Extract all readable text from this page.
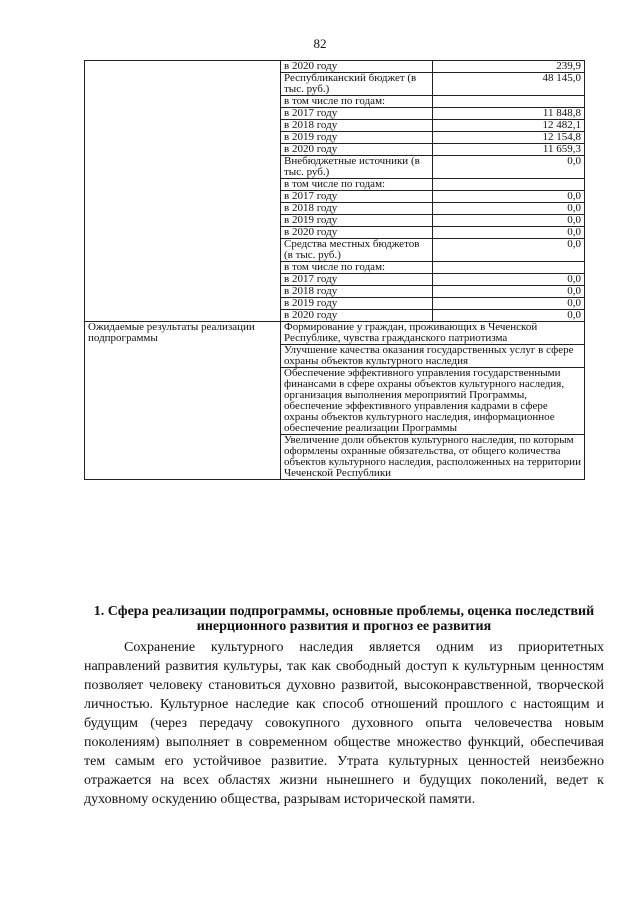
82
	в 2020 году	239,9
	Республиканский бюджет (в тыс. руб.)	48 145,0
	в том числе по годам:	
	в 2017 году	11 848,8
	в 2018 году	12 482,1
	в 2019 году	12 154,8
	в 2020 году	11 659,3
	Внебюджетные источники (в тыс. руб.)	0,0
	в том числе по годам:	
	в 2017 году	0,0
	в 2018 году	0,0
	в 2019 году	0,0
	в 2020 году	0,0
	Средства местных бюджетов (в тыс. руб.)	0,0
	в том числе по годам:	
	в 2017 году	0,0
	в 2018 году	0,0
	в 2019 году	0,0
	в 2020 году	0,0
Ожидаемые результаты реализации подпрограммы	Формирование у граждан, проживающих в Чеченской Республике, чувства гражданского патриотизма	
	Улучшение качества оказания государственных услуг в сфере охраны объектов культурного наследия	
	Обеспечение эффективного управления государственными финансами в сфере охраны объектов культурного наследия, организация выполнения мероприятий Программы, обеспечение эффективного управления кадрами в сфере охраны объектов культурного наследия, информационное обеспечение реализации Программы	
	Увеличение доли объектов культурного наследия, по которым оформлены охранные обязательства, от общего количества объектов культурного наследия, расположенных на территории Чеченской Республики	
1. Сфера реализации подпрограммы, основные проблемы, оценка последствий инерционного развития и прогноз ее развития

Сохранение культурного наследия является одним из приоритетных направлений развития культуры, так как свободный доступ к культурным ценностям позволяет человеку становиться духовно развитой, высоконравственной, творческой личностью. Культурное наследие как способ отношений прошлого с настоящим и будущим (через передачу совокупного духовного опыта человечества новым поколениям) выполняет в современном обществе множество функций, обеспечивая тем самым его устойчивое развитие. Утрата культурных ценностей неизбежно отражается на всех областях жизни нынешнего и будущих поколений, ведет к духовному оскудению общества, разрывам исторической памяти.
